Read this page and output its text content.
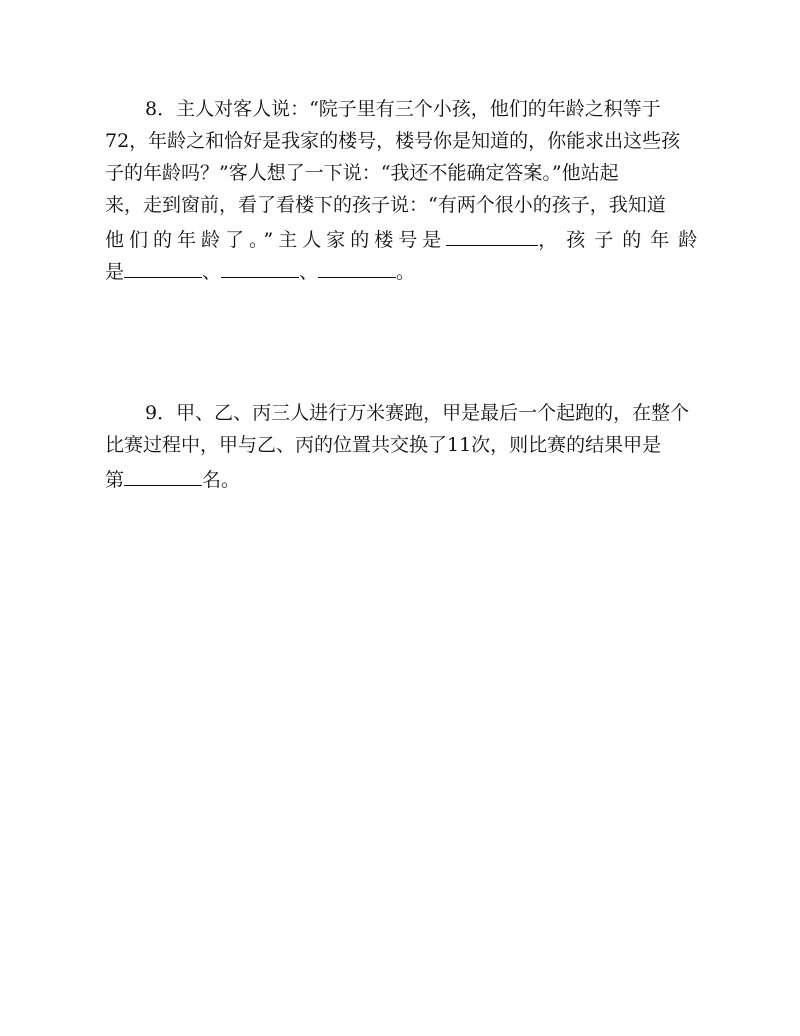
8．主人对客人说：“院子里有三个小孩，他们的年龄之积等于
72，年龄之和恰好是我家的楼号，楼号你是知道的，你能求出这些孩
子的年龄吗？”客人想了一下说：“我还不能确定答案。”他站起
来，走到窗前，看了看楼下的孩子说：“有两个很小的孩子，我知道
他们的年龄了。”主人家的楼号是	，孩子的年龄
是	、	、	。
9．甲、乙、丙三人进行万米赛跑，甲是最后一个起跑的，在整个
比赛过程中，甲与乙、丙的位置共交换了11次，则比赛的结果甲是
第	名。
